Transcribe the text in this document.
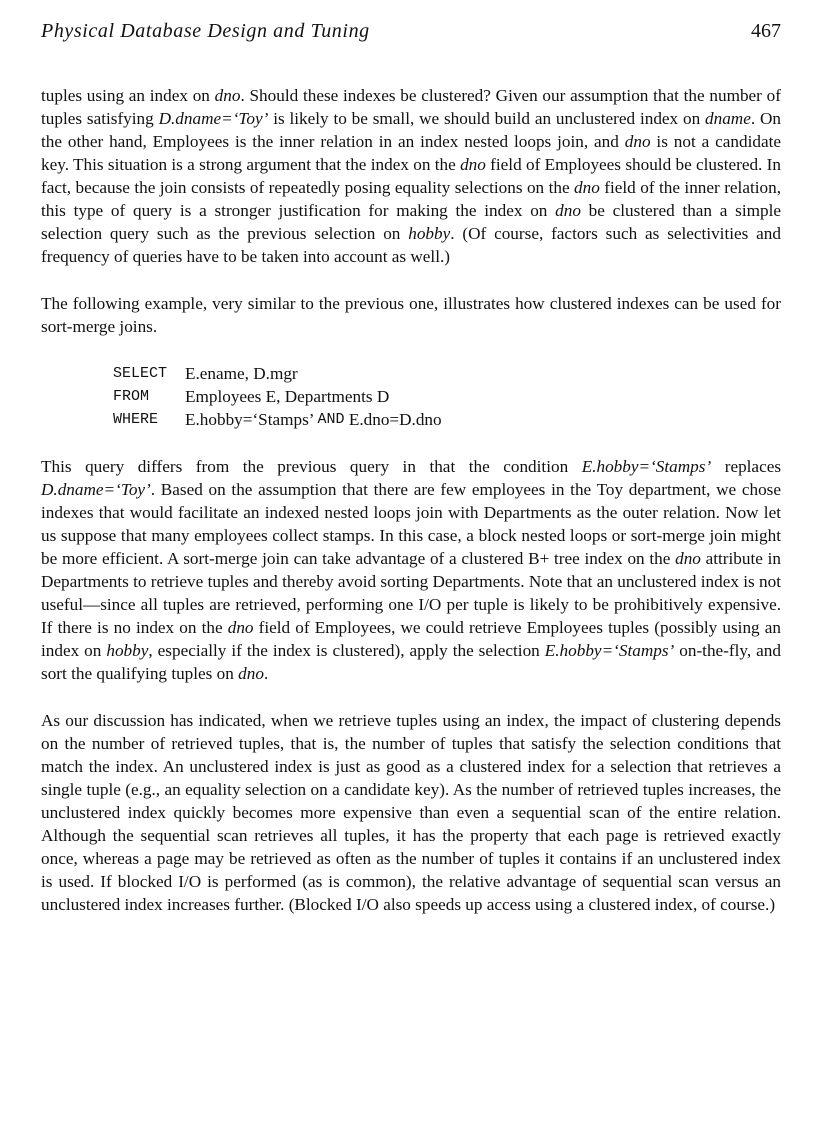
Physical Database Design and Tuning	467

tuples using an index on dno. Should these indexes be clustered? Given our assumption that the number of tuples satisfying D.dname=‘Toy’ is likely to be small, we should build an unclustered index on dname. On the other hand, Employees is the inner relation in an index nested loops join, and dno is not a candidate key. This situation is a strong argument that the index on the dno field of Employees should be clustered. In fact, because the join consists of repeatedly posing equality selections on the dno field of the inner relation, this type of query is a stronger justification for making the index on dno be clustered than a simple selection query such as the previous selection on hobby. (Of course, factors such as selectivities and frequency of queries have to be taken into account as well.)

The following example, very similar to the previous one, illustrates how clustered indexes can be used for sort-merge joins.

SELECT	E.ename, D.mgr
FROM	Employees E, Departments D
WHERE	E.hobby=‘Stamps’ AND E.dno=D.dno

This query differs from the previous query in that the condition E.hobby=‘Stamps’ replaces D.dname=‘Toy’. Based on the assumption that there are few employees in the Toy department, we chose indexes that would facilitate an indexed nested loops join with Departments as the outer relation. Now let us suppose that many employees collect stamps. In this case, a block nested loops or sort-merge join might be more efficient. A sort-merge join can take advantage of a clustered B+ tree index on the dno attribute in Departments to retrieve tuples and thereby avoid sorting Departments. Note that an unclustered index is not useful—since all tuples are retrieved, performing one I/O per tuple is likely to be prohibitively expensive. If there is no index on the dno field of Employees, we could retrieve Employees tuples (possibly using an index on hobby, especially if the index is clustered), apply the selection E.hobby=‘Stamps’ on-the-fly, and sort the qualifying tuples on dno.

As our discussion has indicated, when we retrieve tuples using an index, the impact of clustering depends on the number of retrieved tuples, that is, the number of tuples that satisfy the selection conditions that match the index. An unclustered index is just as good as a clustered index for a selection that retrieves a single tuple (e.g., an equality selection on a candidate key). As the number of retrieved tuples increases, the unclustered index quickly becomes more expensive than even a sequential scan of the entire relation. Although the sequential scan retrieves all tuples, it has the property that each page is retrieved exactly once, whereas a page may be retrieved as often as the number of tuples it contains if an unclustered index is used. If blocked I/O is performed (as is common), the relative advantage of sequential scan versus an unclustered index increases further. (Blocked I/O also speeds up access using a clustered index, of course.)
